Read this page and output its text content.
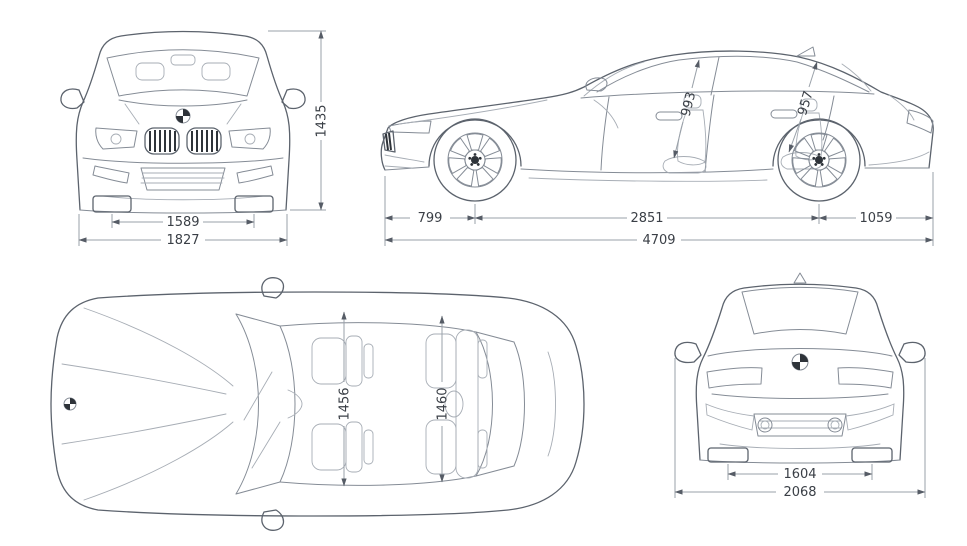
1435
1589
1827
993	957
799	2851	1059
4709
1456	1460
1604
2068
